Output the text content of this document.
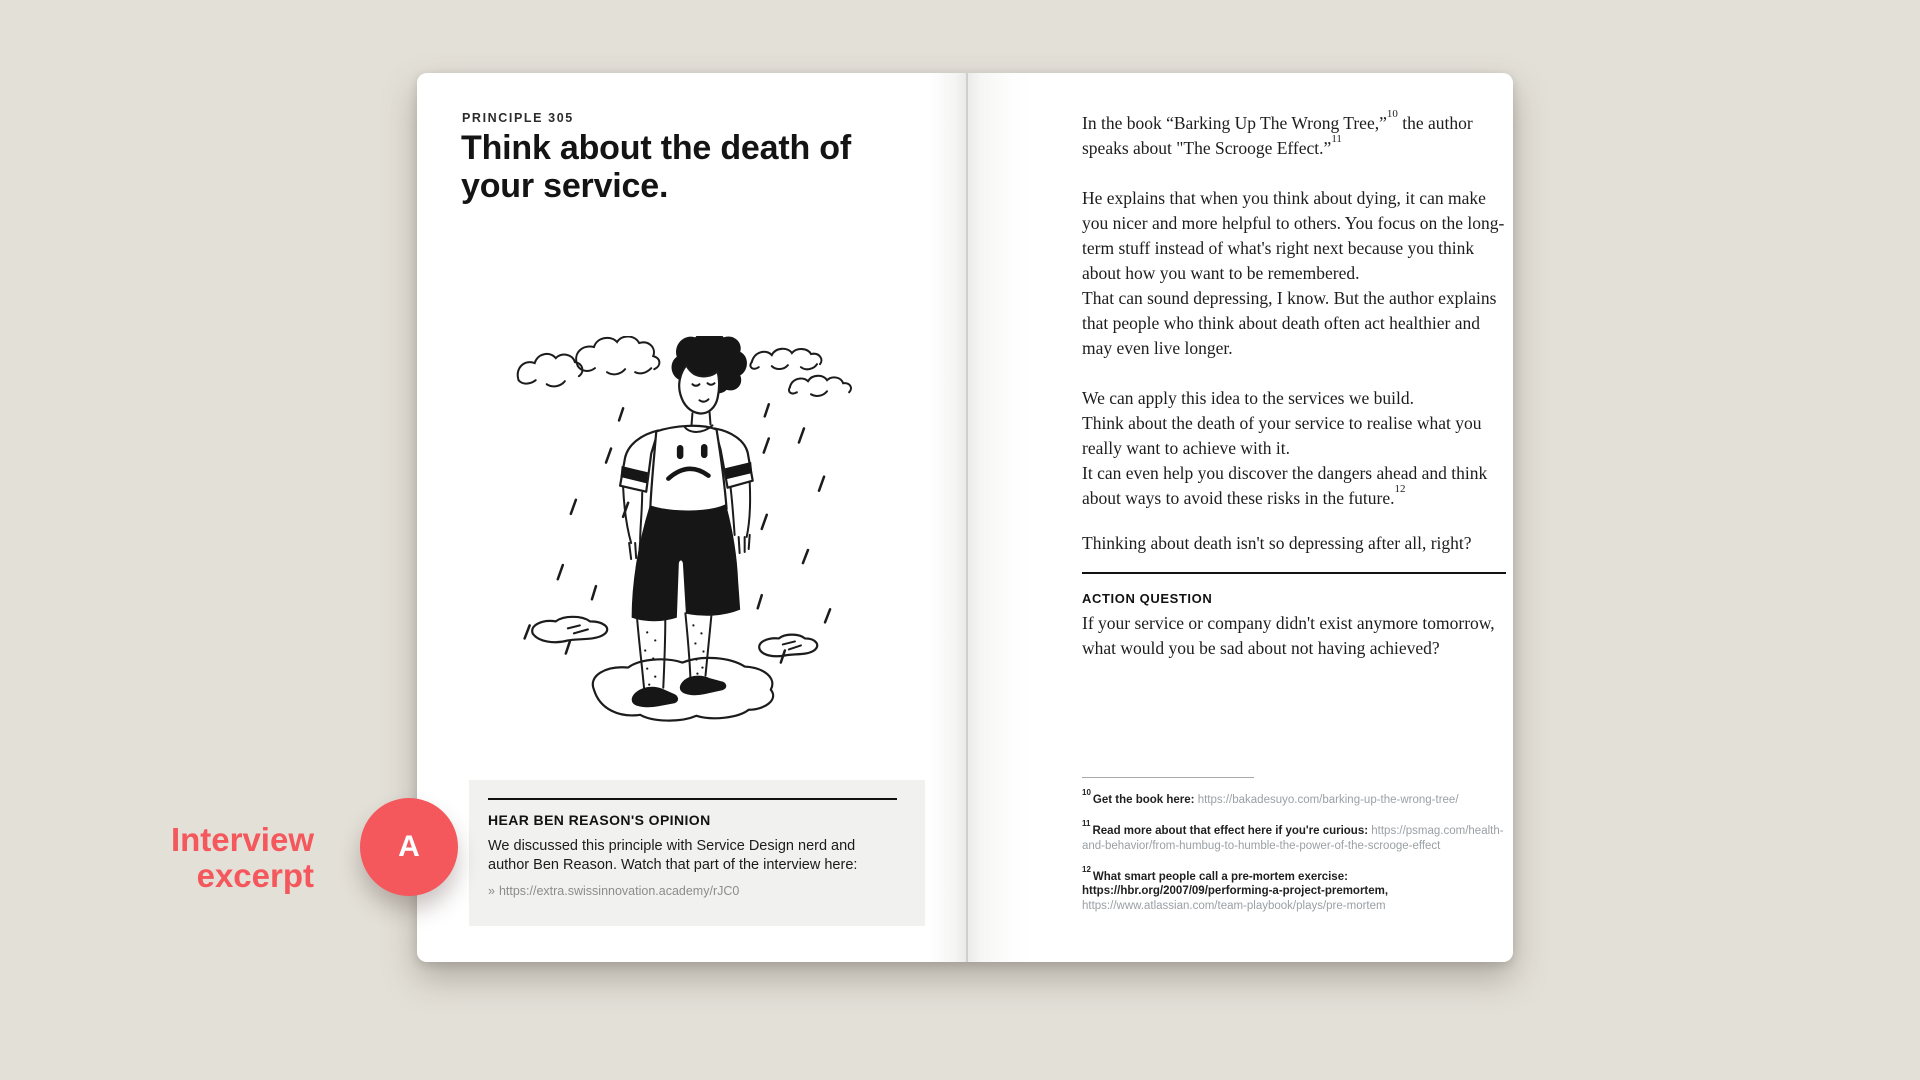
PRINCIPLE 305
Think about the death of
your service.
HEAR BEN REASON'S OPINION
We discussed this principle with Service Design nerd and author Ben Reason. Watch that part of the interview here:
» https://extra.swissinnovation.academy/rJC0

In the book “Barking Up The Wrong Tree,”$^{10}$ the author speaks about "The Scrooge Effect.”$^{11}$

He explains that when you think about dying, it can make you nicer and more helpful to others. You focus on the long-term stuff instead of what's right next because you think about how you want to be remembered.

That can sound depressing, I know. But the author explains that people who think about death often act healthier and may even live longer.

We can apply this idea to the services we build.

Think about the death of your service to realise what you really want to achieve with it.

It can even help you discover the dangers ahead and think about ways to avoid these risks in the future.$^{12}$

Thinking about death isn't so depressing after all, right?

ACTION QUESTION

If your service or company didn't exist anymore tomorrow, what would you be sad about not having achieved?

$^{10}$Get the book here: https://bakadesuyo.com/barking-up-the-wrong-tree/
$^{11}$Read more about that effect here if you're curious: https://psmag.com/health-and-behavior/from-humbug-to-humble-the-power-of-the-scrooge-effect
$^{12}$What smart people call a pre-mortem exercise: https://hbr.org/2007/09/performing-a-project-premortem, https://www.atlassian.com/team-playbook/plays/pre-mortem
Interview
excerpt
A
